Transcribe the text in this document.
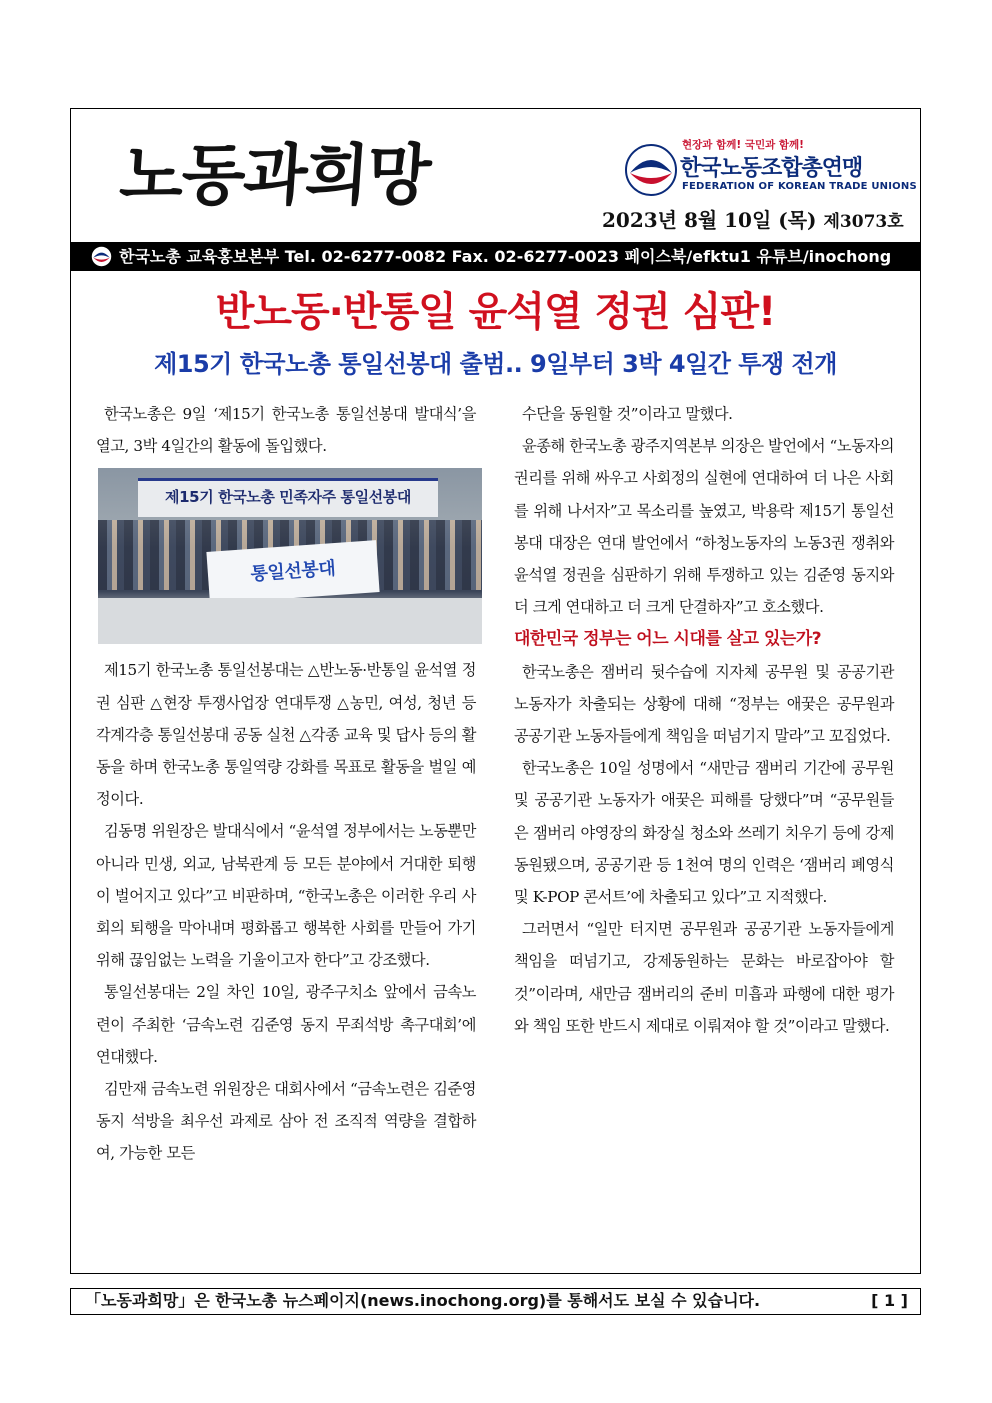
노동과희망	현장과 함께! 국민과 함께!
한국노동조합총연맹
FEDERATION OF KOREAN TRADE UNIONS
2023년 8월 10일 (목) 제3073호
한국노총 교육홍보본부 Tel. 02-6277-0082 Fax. 02-6277-0023 페이스북/efktu1 유튜브/inochong
반노동·반통일 윤석열 정권 심판!
제15기 한국노총 통일선봉대 출범.. 9일부터 3박 4일간 투쟁 전개

한국노총은 9일 ‘제15기 한국노총 통일선봉대 발대식’을 열고, 3박 4일간의 활동에 돌입했다.

제15기 한국노총 민족자주 통일선봉대
통일선봉대

제15기 한국노총 통일선봉대는 △반노동·반통일 윤석열 정권 심판 △현장 투쟁사업장 연대투쟁 △농민, 여성, 청년 등 각계각층 통일선봉대 공동 실천 △각종 교육 및 답사 등의 활동을 하며 한국노총 통일역량 강화를 목표로 활동을 벌일 예정이다.

김동명 위원장은 발대식에서 “윤석열 정부에서는 노동뿐만 아니라 민생, 외교, 남북관계 등 모든 분야에서 거대한 퇴행이 벌어지고 있다”고 비판하며, “한국노총은 이러한 우리 사회의 퇴행을 막아내며 평화롭고 행복한 사회를 만들어 가기 위해 끊임없는 노력을 기울이고자 한다”고 강조했다.

통일선봉대는 2일 차인 10일, 광주구치소 앞에서 금속노련이 주최한 ‘금속노련 김준영 동지 무죄석방 촉구대회’에 연대했다.

김만재 금속노련 위원장은 대회사에서 “금속노련은 김준영 동지 석방을 최우선 과제로 삼아 전 조직적 역량을 결합하여, 가능한 모든

수단을 동원할 것”이라고 말했다.

윤종해 한국노총 광주지역본부 의장은 발언에서 “노동자의 권리를 위해 싸우고 사회정의 실현에 연대하여 더 나은 사회를 위해 나서자”고 목소리를 높였고, 박용락 제15기 통일선봉대 대장은 연대 발언에서 “하청노동자의 노동3권 쟁취와 윤석열 정권을 심판하기 위해 투쟁하고 있는 김준영 동지와 더 크게 연대하고 더 크게 단결하자”고 호소했다.

대한민국 정부는 어느 시대를 살고 있는가?

한국노총은 잼버리 뒷수습에 지자체 공무원 및 공공기관 노동자가 차출되는 상황에 대해 “정부는 애꿎은 공무원과 공공기관 노동자들에게 책임을 떠넘기지 말라”고 꼬집었다.

한국노총은 10일 성명에서 “새만금 잼버리 기간에 공무원 및 공공기관 노동자가 애꿎은 피해를 당했다”며 “공무원들은 잼버리 야영장의 화장실 청소와 쓰레기 치우기 등에 강제동원됐으며, 공공기관 등 1천여 명의 인력은 ‘잼버리 폐영식 및 K-POP 콘서트’에 차출되고 있다”고 지적했다.

그러면서 “일만 터지면 공무원과 공공기관 노동자들에게 책임을 떠넘기고, 강제동원하는 문화는 바로잡아야 할 것”이라며, 새만금 잼버리의 준비 미흡과 파행에 대한 평가와 책임 또한 반드시 제대로 이뤄져야 할 것”이라고 말했다.

「노동과희망」은 한국노총 뉴스페이지(news.inochong.org)를 통해서도 보실 수 있습니다.	[ 1 ]
